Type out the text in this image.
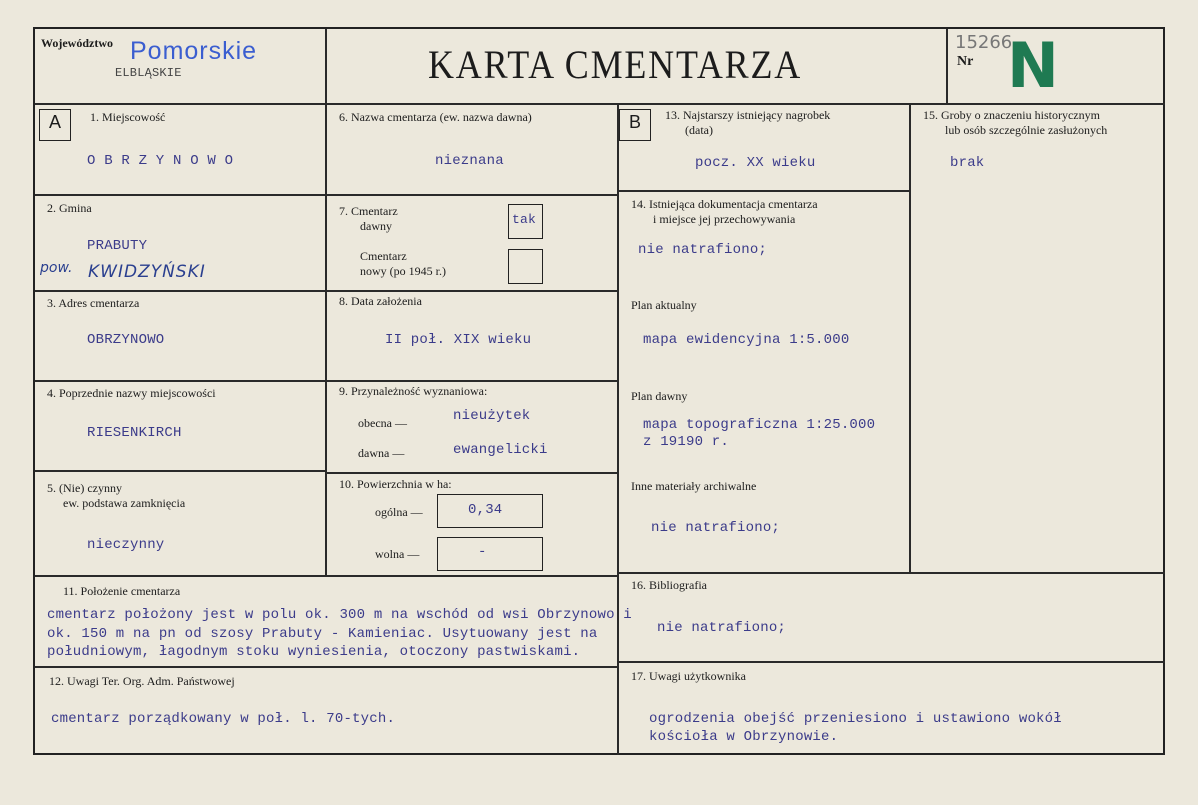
Województwo Pomorskie
ELBLĄSKIE	KARTA CMENTARZA	Nr
15266
N
A	B
1. Miejscowość
O B R Z Y N O W O
2. Gmina
PRABUTY
pow. KWIDZYŃSKI
3. Adres cmentarza
OBRZYNOWO
4. Poprzednie nazwy miejscowości
RIESENKIRCH
5. (Nie) czynny
ew. podstawa zamknięcia
nieczynny
6. Nazwa cmentarza (ew. nazwa dawna)
nieznana
7. Cmentarz
dawny	tak
Cmentarz
nowy (po 1945 r.)
8. Data założenia
II poł. XIX wieku
9. Przynależność wyznaniowa:
obecna —	nieużytek
dawna —	ewangelicki
10. Powierzchnia w ha:
ogólna —	0,34
wolna —	-
11. Położenie cmentarza
cmentarz położony jest w polu ok. 300 m na wschód od wsi Obrzynowo i
ok. 150 m na pn od szosy Prabuty - Kamieniac. Usytuowany jest na
południowym, łagodnym stoku wyniesienia, otoczony pastwiskami.
12. Uwagi Ter. Org. Adm. Państwowej
cmentarz porządkowany w poł. l. 70-tych.
13. Najstarszy istniejący nagrobek
(data)
pocz. XX wieku
14. Istniejąca dokumentacja cmentarza
i miejsce jej przechowywania
nie natrafiono;
Plan aktualny
mapa ewidencyjna 1:5.000
Plan dawny
mapa topograficzna 1:25.000
z 19190 r.
Inne materiały archiwalne
nie natrafiono;
15. Groby o znaczeniu historycznym
lub osób szczególnie zasłużonych
brak
16. Bibliografia
nie natrafiono;
17. Uwagi użytkownika
ogrodzenia obejść przeniesiono i ustawiono wokół
kościoła w Obrzynowie.
